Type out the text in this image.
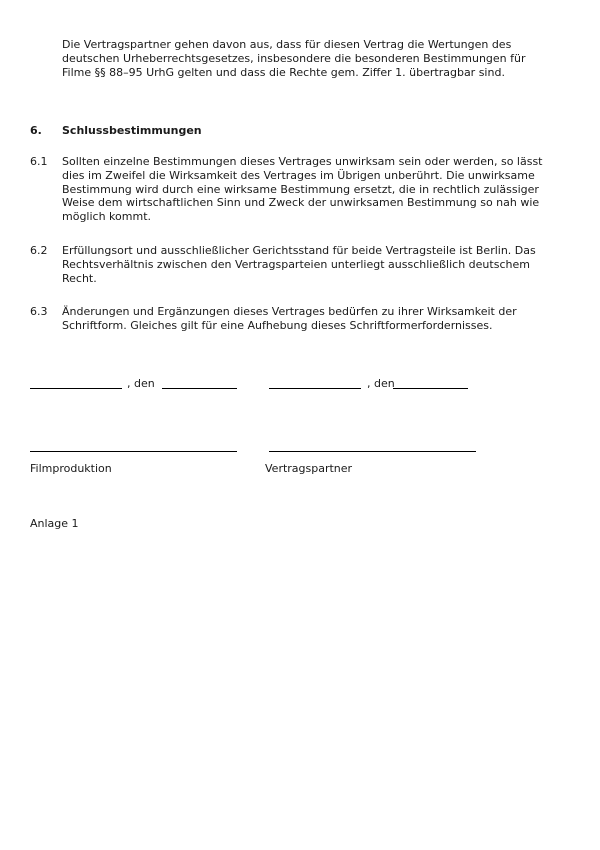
Die Vertragspartner gehen davon aus, dass für diesen Vertrag die Wertungen des deutschen Urheberrechtsgesetzes, insbesondere die besonderen Bestimmungen für Filme §§ 88–95 UrhG gelten und dass die Rechte gem. Ziffer 1. übertragbar sind.

6. Schlussbestimmungen
6.1	Sollten einzelne Bestimmungen dieses Vertrages unwirksam sein oder werden, so lässt dies im Zweifel die Wirksamkeit des Vertrages im Übrigen unberührt. Die unwirksame Bestimmung wird durch eine wirksame Bestimmung ersetzt, die in rechtlich zulässiger Weise dem wirtschaftlichen Sinn und Zweck der unwirksamen Bestimmung so nah wie möglich kommt.

6.2	Erfüllungsort und ausschließlicher Gerichtsstand für beide Vertragsteile ist Berlin. Das Rechtsverhältnis zwischen den Vertragsparteien unterliegt ausschließlich deutschem Recht.

6.3	Änderungen und Ergänzungen dieses Vertrages bedürfen zu ihrer Wirksamkeit der Schriftform. Gleiches gilt für eine Aufhebung dieses Schriftformerfordernisses.

, den	, den
Filmproduktion	Vertragspartner
Anlage 1
